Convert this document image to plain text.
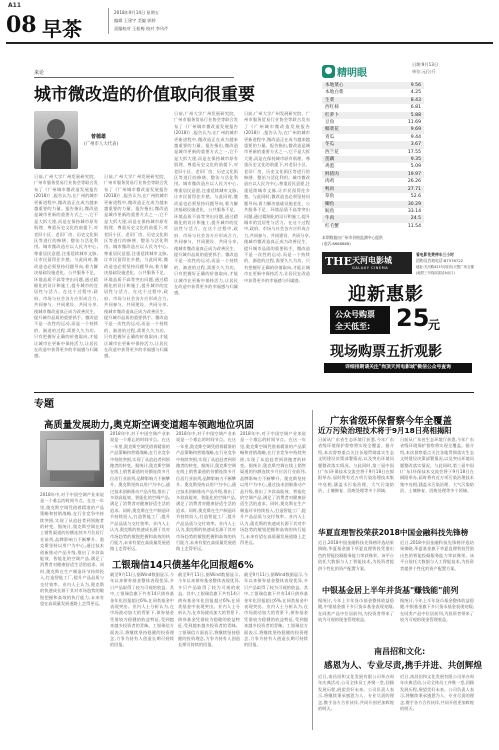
A11
08 早茶
2018年9月14日 星期五
编辑 王建宇 美编 郭婷
责编校对 王桂梅 校对 李风芹
来论
城市微改造的价值取向很重要
曾德雄
(广州市人大代表)
日前,广州大学广州发展研究院、广州市服务贸易行业协会等联合发布了《广州城市微改造发展报告(2018)》,报告认为,在广州的城市更新进程中,微改造正在成为越来越重要的力量。报告指出,微改造是城市更新的重要方式之一,它不是大拆大建,而是在保持城市原有肌理、尊重历史文化的前提下,对老旧小区、老旧厂房、历史文化街区等进行的修缮、整治与活化利用。城市微改造应以人民为中心,尊重居民意愿,注重延续城市文脉,让市民留得住乡愁。与此同时,微改造也必须坚持问题导向,着力解决基础设施老化、公共服务不足、环境品质不高等突出问题,通过精细化的设计和施工,提升城市的宜居性与活力。在这个过程中,政府、市场与社会各方应形成合力,共同参与、共同建设、共同分享,使城市微改造真正成为改善民生、提升城市品质的重要抓手。微改造不是一次性的运动,而是一个持续的、渐进的过程,需要久久为功。只有把握好正确的价值取向,才能让城市在更新中保持活力,让居民在改造中获得更多的幸福感与归属感。
日前,广州大学广州发展研究院、广州市服务贸易行业协会等联合发布了《广州城市微改造发展报告(2018)》,报告认为,在广州的城市更新进程中,微改造正在成为越来越重要的力量。报告指出,微改造是城市更新的重要方式之一,它不是大拆大建,而是在保持城市原有肌理、尊重历史文化的前提下,对老旧小区、老旧厂房、历史文化街区等进行的修缮、整治与活化利用。城市微改造应以人民为中心,尊重居民意愿,注重延续城市文脉,让市民留得住乡愁。与此同时,微改造也必须坚持问题导向,着力解决基础设施老化、公共服务不足、环境品质不高等突出问题,通过精细化的设计和施工,提升城市的宜居性与活力。在这个过程中,政府、市场与社会各方应形成合力,共同参与、共同建设、共同分享,使城市微改造真正成为改善民生、提升城市品质的重要抓手。微改造不是一次性的运动,而是一个持续的、渐进的过程,需要久久为功。只有把握好正确的价值取向,才能让城市在更新中保持活力,让居民在改造中获得更多的幸福感与归属感。
日前,广州大学广州发展研究院、广州市服务贸易行业协会等联合发布了《广州城市微改造发展报告(2018)》,报告认为,在广州的城市更新进程中,微改造正在成为越来越重要的力量。报告指出,微改造是城市更新的重要方式之一,它不是大拆大建,而是在保持城市原有肌理、尊重历史文化的前提下,对老旧小区、老旧厂房、历史文化街区等进行的修缮、整治与活化利用。城市微改造应以人民为中心,尊重居民意愿,注重延续城市文脉,让市民留得住乡愁。与此同时,微改造也必须坚持问题导向,着力解决基础设施老化、公共服务不足、环境品质不高等突出问题,通过精细化的设计和施工,提升城市的宜居性与活力。在这个过程中,政府、市场与社会各方应形成合力,共同参与、共同建设、共同分享,使城市微改造真正成为改善民生、提升城市品质的重要抓手。微改造不是一次性的运动,而是一个持续的、渐进的过程,需要久久为功。只有把握好正确的价值取向,才能让城市在更新中保持活力,让居民在改造中获得更多的幸福感与归属感。
日前,广州大学广州发展研究院、广州市服务贸易行业协会等联合发布了《广州城市微改造发展报告(2018)》,报告认为,在广州的城市更新进程中,微改造正在成为越来越重要的力量。报告指出,微改造是城市更新的重要方式之一,它不是大拆大建,而是在保持城市原有肌理、尊重历史文化的前提下,对老旧小区、老旧厂房、历史文化街区等进行的修缮、整治与活化利用。城市微改造应以人民为中心,尊重居民意愿,注重延续城市文脉,让市民留得住乡愁。与此同时,微改造也必须坚持问题导向,着力解决基础设施老化、公共服务不足、环境品质不高等突出问题,通过精细化的设计和施工,提升城市的宜居性与活力。在这个过程中,政府、市场与社会各方应形成合力,共同参与、共同建设、共同分享,使城市微改造真正成为改善民生、提升城市品质的重要抓手。微改造不是一次性的运动,而是一个持续的、渐进的过程,需要久久为功。只有把握好正确的价值取向,才能让城市在更新中保持活力,让居民在改造中获得更多的幸福感与归属感。
● 精明眼
日期:9月13日
单位:元/公斤
本地菜心	9.56
本地白菜	4.25
生菜	8.43
西红柿	6.81
红萝卜	5.88
豆角	11.69
椰菜花	9.69
青瓜	9.44
冬瓜	3.67
西兰花	17.55
莲藕	9.35
鸡蛋	5.09
鲜猪肉	19.97
肉鸡	26.26
鸭肉	27.71
草鱼	52.6
鲫鱼	30.29
鲩鱼	33.14
牛肉	24.5
红毛蟹	11.54
本期数据由广州市价格监测中心提供
(电话:8668888)
THE 天河电影城
GALAXY CINEMA
看电影免费停车三小时
团购及咨询电话:87576722
地址:天河路423号(原首)天银广场五楼
(地铁三号线岗顶站A出口)
迎新惠影
公众号购票
全天低至: 25
元
现场购票五折观影
详细排期请关注"岗顶天河电影城"微信公众号查询
专题
高质量发展助力,奥克斯空调变道超车领跑地位巩固
2018年中,对于中国空调产业来说是一个难忘的时间节点。在这一年里,奥克斯空调凭借着精准的产品策略和营销战略,在行业竞争中持续突围,实现了从追赶者到领跑者的转变。据统计,奥克斯空调在线上销售渠道的份额连续多月位居行业前列,品牌影响力不断攀升。奥克斯坚持以用户为中心,通过技术创新推动产品升级,推出了多款高能效、智能化的空调产品,满足了消费者对健康舒适生活的追求。同时,奥克斯在生产制造环节持续投入,打造智能工厂,提升产品品质与交付效率。业内人士认为,奥克斯的快速成长源于其对市场趋势的敏锐把握和高效的执行能力,未来有望在高质量发展道路上走得更远。
2018年中,对于中国空调产业来说是一个难忘的时间节点。在这一年里,奥克斯空调凭借着精准的产品策略和营销战略,在行业竞争中持续突围,实现了从追赶者到领跑者的转变。据统计,奥克斯空调在线上销售渠道的份额连续多月位居行业前列,品牌影响力不断攀升。奥克斯坚持以用户为中心,通过技术创新推动产品升级,推出了多款高能效、智能化的空调产品,满足了消费者对健康舒适生活的追求。同时,奥克斯在生产制造环节持续投入,打造智能工厂,提升产品品质与交付效率。业内人士认为,奥克斯的快速成长源于其对市场趋势的敏锐把握和高效的执行能力,未来有望在高质量发展道路上走得更远。
2018年中,对于中国空调产业来说是一个难忘的时间节点。在这一年里,奥克斯空调凭借着精准的产品策略和营销战略,在行业竞争中持续突围,实现了从追赶者到领跑者的转变。据统计,奥克斯空调在线上销售渠道的份额连续多月位居行业前列,品牌影响力不断攀升。奥克斯坚持以用户为中心,通过技术创新推动产品升级,推出了多款高能效、智能化的空调产品,满足了消费者对健康舒适生活的追求。同时,奥克斯在生产制造环节持续投入,打造智能工厂,提升产品品质与交付效率。业内人士认为,奥克斯的快速成长源于其对市场趋势的敏锐把握和高效的执行能力,未来有望在高质量发展道路上走得更远。
2018年中,对于中国空调产业来说是一个难忘的时间节点。在这一年里,奥克斯空调凭借着精准的产品策略和营销战略,在行业竞争中持续突围,实现了从追赶者到领跑者的转变。据统计,奥克斯空调在线上销售渠道的份额连续多月位居行业前列,品牌影响力不断攀升。奥克斯坚持以用户为中心,通过技术创新推动产品升级,推出了多款高能效、智能化的空调产品,满足了消费者对健康舒适生活的追求。同时,奥克斯在生产制造环节持续投入,打造智能工厂,提升产品品质与交付效率。业内人士认为,奥克斯的快速成长源于其对市场趋势的敏锐把握和高效的执行能力,未来有望在高质量发展道路上走得更远。
工银瑞信14只债基年化回报超6%
截至9月11日,据Wind数据显示,今年以来债券基金整体表现优异,多只产品取得了较为可观的收益。其中,工银瑞信旗下共有14只债券基金年化回报超过6%,在同类基金中表现突出。业内人士分析认为,在市场波动加大的背景下,债券基金凭借较为稳健的收益特征,受到越来越多投资者的青睐。工银瑞信方面表示,将继续坚持稳健的投资理念,力争为持有人创造长期可持续的回报。
截至9月11日,据Wind数据显示,今年以来债券基金整体表现优异,多只产品取得了较为可观的收益。其中,工银瑞信旗下共有14只债券基金年化回报超过6%,在同类基金中表现突出。业内人士分析认为,在市场波动加大的背景下,债券基金凭借较为稳健的收益特征,受到越来越多投资者的青睐。工银瑞信方面表示,将继续坚持稳健的投资理念,力争为持有人创造长期可持续的回报。
截至9月11日,据Wind数据显示,今年以来债券基金整体表现优异,多只产品取得了较为可观的收益。其中,工银瑞信旗下共有14只债券基金年化回报超过6%,在同类基金中表现突出。业内人士分析认为,在市场波动加大的背景下,债券基金凭借较为稳健的收益特征,受到越来越多投资者的青睐。工银瑞信方面表示,将继续坚持稳健的投资理念,力争为持有人创造长期可持续的回报。
广东省级环保督察今年全覆盖
近万污染治理技术将于9月18日亮相揭阳
日前从广东省生态环境厅获悉,今年广东省级环境保护督察将实现全覆盖。据介绍,本次督察重点关注各地贯彻落实生态文明建设决策部署情况,以及突出环境问题整改落实情况。与此同时,第三届中国(广东)环保技术交流会将于9月18日在揭阳举办,届时将有近万项污染治理技术集中亮相,涵盖水污染治理、大气污染防治、土壤修复、固废处理等多个领域。
日前从广东省生态环境厅获悉,今年广东省级环境保护督察将实现全覆盖。据介绍,本次督察重点关注各地贯彻落实生态文明建设决策部署情况,以及突出环境问题整改落实情况。与此同时,第三届中国(广东)环保技术交流会将于9月18日在揭阳举办,届时将有近万项污染治理技术集中亮相,涵盖水污染治理、大气污染防治、土壤修复、固废处理等多个领域。
华夏直理智投荣获2018中国金融科技先锋榜
近日,2018中国金融科技先锋榜评选结果揭晓,华夏基金旗下华夏直理智投凭借出色的智能投顾服务能力荣获殊荣。该平台依托大数据与人工智能技术,为投资者提供个性化的资产配置方案。
近日,2018中国金融科技先锋榜评选结果揭晓,华夏基金旗下华夏直理智投凭借出色的智能投顾服务能力荣获殊荣。该平台依托大数据与人工智能技术,为投资者提供个性化的资产配置方案。
中银基金居上半年并货基"赚钱能"前列
据统计,今年上半年货币基金整体收益稳健,中银基金旗下多只货币基金表现亮眼,在同类产品中位居前列,为投资者带来了较为可观的现金管理收益。
据统计,今年上半年货币基金整体收益稳健,中银基金旗下多只货币基金表现亮眼,在同类产品中位居前列,为投资者带来了较为可观的现金管理收益。
南昌招和文化:
感恩为人、专业尽责,携手并进、共创辉煌
近日,南昌招和文化发展有限公司举办周年庆典活动,公司全体员工齐聚一堂,回顾发展历程,展望美好未来。公司负责人表示,将继续秉承感恩为人、专业尽责的理念,携手各方合作伙伴,共同开创更加辉煌的明天。
近日,南昌招和文化发展有限公司举办周年庆典活动,公司全体员工齐聚一堂,回顾发展历程,展望美好未来。公司负责人表示,将继续秉承感恩为人、专业尽责的理念,携手各方合作伙伴,共同开创更加辉煌的明天。
